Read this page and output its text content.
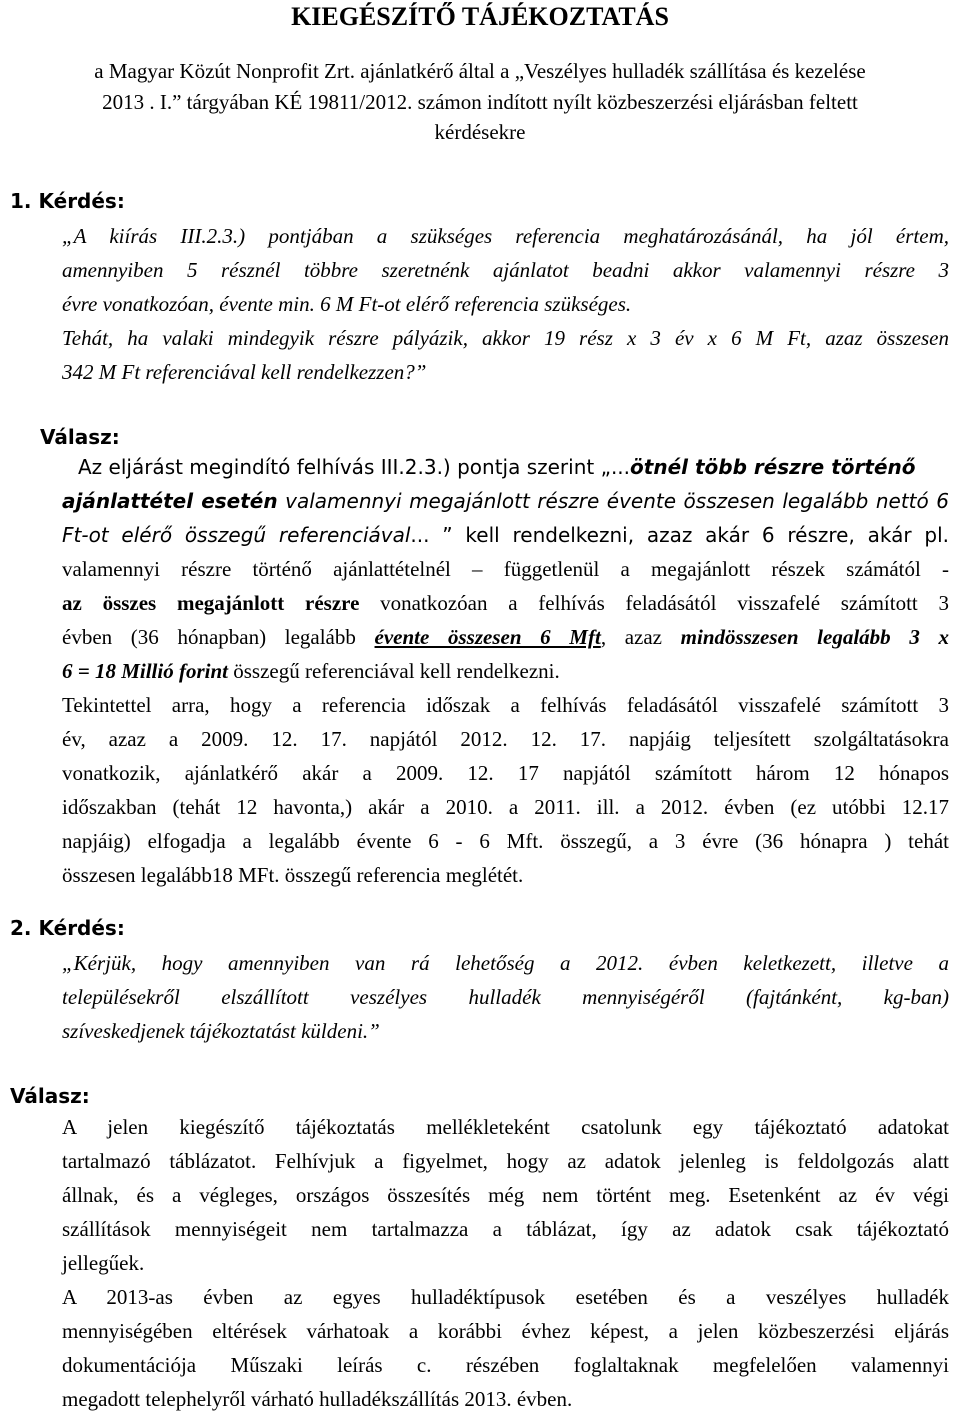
KIEGÉSZÍTŐ TÁJÉKOZTATÁS
a Magyar Közút Nonprofit Zrt. ajánlatkérő által a „Veszélyes hulladék szállítása és kezelése
2013 . I.” tárgyában KÉ 19811/2012. számon indított nyílt közbeszerzési eljárásban feltett
kérdésekre
1. Kérdés:
„A kiírás III.2.3.) pontjában a szükséges referencia meghatározásánál, ha jól értem,
amennyiben 5 résznél többre szeretnénk ajánlatot beadni akkor valamennyi részre 3
évre vonatkozóan, évente min. 6 M Ft-ot elérő referencia szükséges.
Tehát, ha valaki mindegyik részre pályázik, akkor 19 rész x 3 év x 6 M Ft, azaz összesen
342 M Ft referenciával kell rendelkezzen?”
Válasz:
Az eljárást megindító felhívás III.2.3.) pontja szerint „...ötnél több részre történő
ajánlattétel esetén valamennyi megajánlott részre évente összesen legalább nettó 6
Ft-ot elérő összegű referenciával... ” kell rendelkezni, azaz akár 6 részre, akár pl.
valamennyi részre történő ajánlattételnél – függetlenül a megajánlott részek számától -
az összes megajánlott részre vonatkozóan a felhívás feladásától visszafelé számított 3
évben (36 hónapban) legalább évente összesen 6 Mft, azaz mindösszesen legalább 3 x
6 = 18 Millió forint összegű referenciával kell rendelkezni.
Tekintettel arra, hogy a referencia időszak a felhívás feladásától visszafelé számított 3
év, azaz a 2009. 12. 17. napjától 2012. 12. 17. napjáig teljesített szolgáltatásokra
vonatkozik, ajánlatkérő akár a 2009. 12. 17 napjától számított három 12 hónapos
időszakban (tehát 12 havonta,) akár a 2010. a 2011. ill. a 2012. évben (ez utóbbi 12.17
napjáig) elfogadja a legalább évente 6 - 6 Mft. összegű, a 3 évre (36 hónapra ) tehát
összesen legalább18 MFt. összegű referencia meglétét.
2. Kérdés:
„Kérjük, hogy amennyiben van rá lehetőség a 2012. évben keletkezett, illetve a
településekről elszállított veszélyes hulladék mennyiségéről (fajtánként, kg-ban)
szíveskedjenek tájékoztatást küldeni.”
Válasz:
A jelen kiegészítő tájékoztatás mellékleteként csatolunk egy tájékoztató adatokat
tartalmazó táblázatot. Felhívjuk a figyelmet, hogy az adatok jelenleg is feldolgozás alatt
állnak, és a végleges, országos összesítés még nem történt meg. Esetenként az év végi
szállítások mennyiségeit nem tartalmazza a táblázat, így az adatok csak tájékoztató
jellegűek.
A 2013-as évben az egyes hulladéktípusok esetében és a veszélyes hulladék
mennyiségében eltérések várhatoak a korábbi évhez képest, a jelen közbeszerzési eljárás
dokumentációja Műszaki leírás c. részében foglaltaknak megfelelően valamennyi
megadott telephelyről várható hulladékszállítás 2013. évben.
